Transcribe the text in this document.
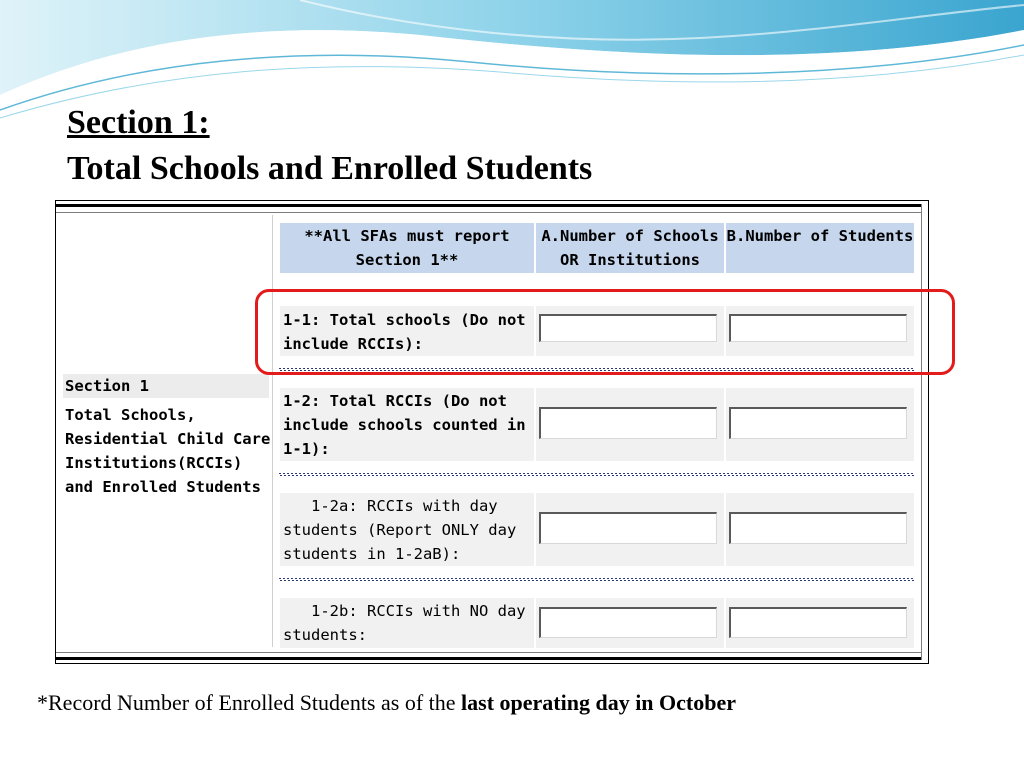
Section 1:
Total Schools and Enrolled Students
Section 1
Total Schools, Residential Child Care Institutions(RCCIs) and Enrolled Students
**All SFAs must report Section 1**
A.Number of Schools OR Institutions
B.Number of Students
1-1: Total schools (Do not include RCCIs):
1-2: Total RCCIs (Do not include schools counted in 1-1):
1-2a: RCCIs with day students (Report ONLY day students in 1-2aB):
1-2b: RCCIs with NO day students:
*Record Number of Enrolled Students as of the last operating day in October
